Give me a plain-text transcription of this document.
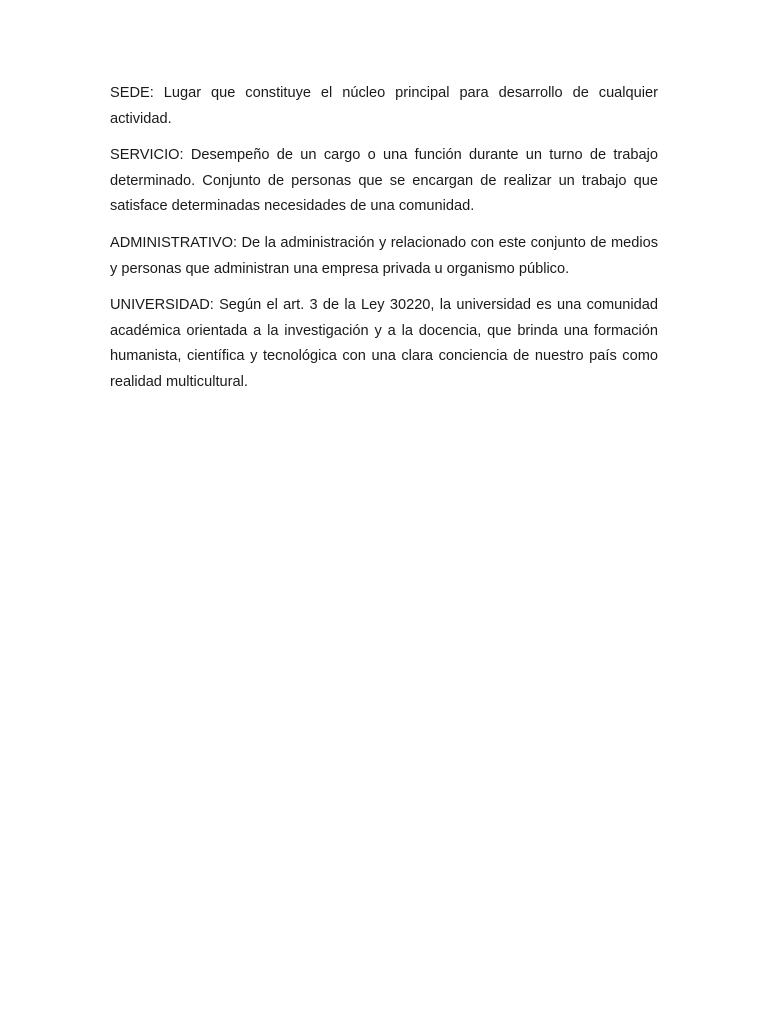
SEDE: Lugar que constituye el núcleo principal para desarrollo de cualquier actividad.

SERVICIO: Desempeño de un cargo o una función durante un turno de trabajo determinado. Conjunto de personas que se encargan de realizar un trabajo que satisface determinadas necesidades de una comunidad.

ADMINISTRATIVO: De la administración y relacionado con este conjunto de medios y personas que administran una empresa privada u organismo público.

UNIVERSIDAD: Según el art. 3 de la Ley 30220, la universidad es una comunidad académica orientada a la investigación y a la docencia, que brinda una formación humanista, científica y tecnológica con una clara conciencia de nuestro país como realidad multicultural.
